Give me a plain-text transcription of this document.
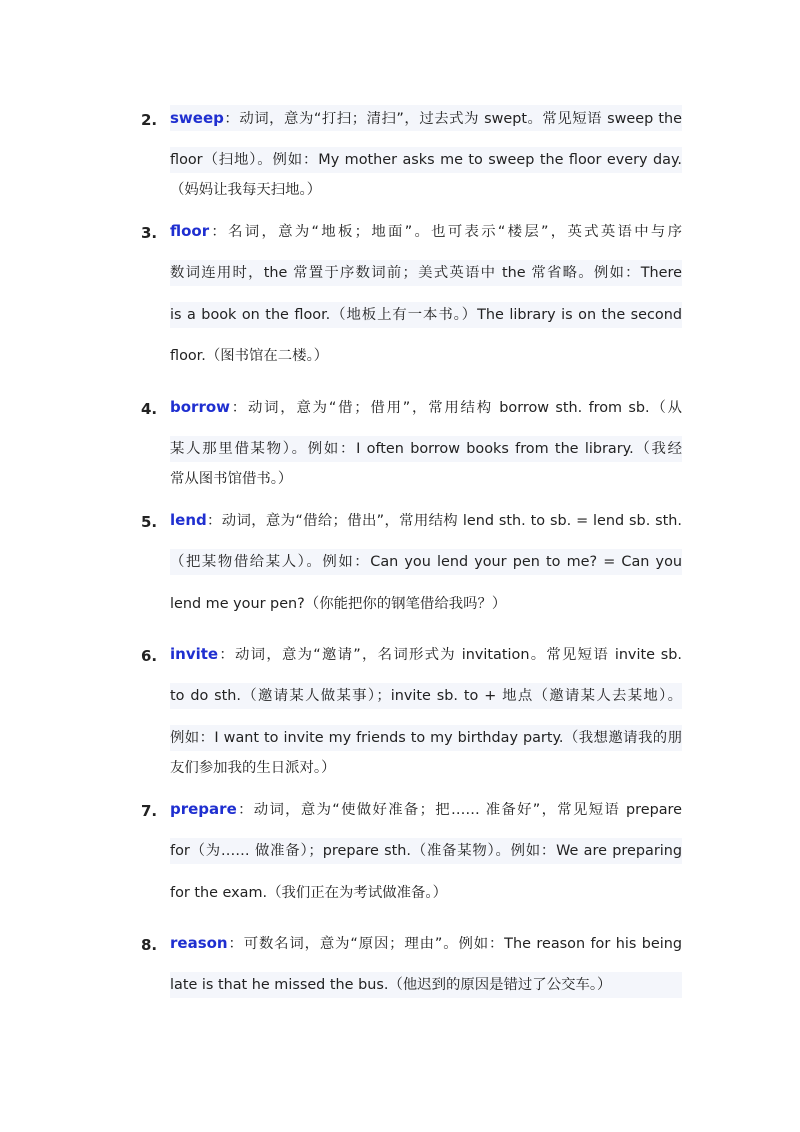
2. sweep：动词，意为“打扫；清扫”，过去式为 swept。常见短语 sweep the
floor（扫地）。例如：My mother asks me to sweep the floor every day.
（妈妈让我每天扫地。）
3. floor：名词，意为“地板；地面”。也可表示“楼层”，英式英语中与序
数词连用时，the 常置于序数词前；美式英语中 the 常省略。例如：There
is a book on the floor.（地板上有一本书。）The library is on the second
floor.（图书馆在二楼。）
4. borrow：动词，意为“借；借用”，常用结构 borrow sth. from sb.（从
某人那里借某物）。例如：I often borrow books from the library.（我经
常从图书馆借书。）
5. lend：动词，意为“借给；借出”，常用结构 lend sth. to sb. = lend sb. sth.
（把某物借给某人）。例如：Can you lend your pen to me? = Can you
lend me your pen?（你能把你的钢笔借给我吗？）
6. invite：动词，意为“邀请”，名词形式为 invitation。常见短语 invite sb.
to do sth.（邀请某人做某事）；invite sb. to + 地点（邀请某人去某地）。
例如：I want to invite my friends to my birthday party.（我想邀请我的朋
友们参加我的生日派对。）
7. prepare：动词，意为“使做好准备；把…… 准备好”，常见短语 prepare
for（为…… 做准备）；prepare sth.（准备某物）。例如：We are preparing
for the exam.（我们正在为考试做准备。）
8. reason：可数名词，意为“原因；理由”。例如：The reason for his being
late is that he missed the bus.（他迟到的原因是错过了公交车。）
